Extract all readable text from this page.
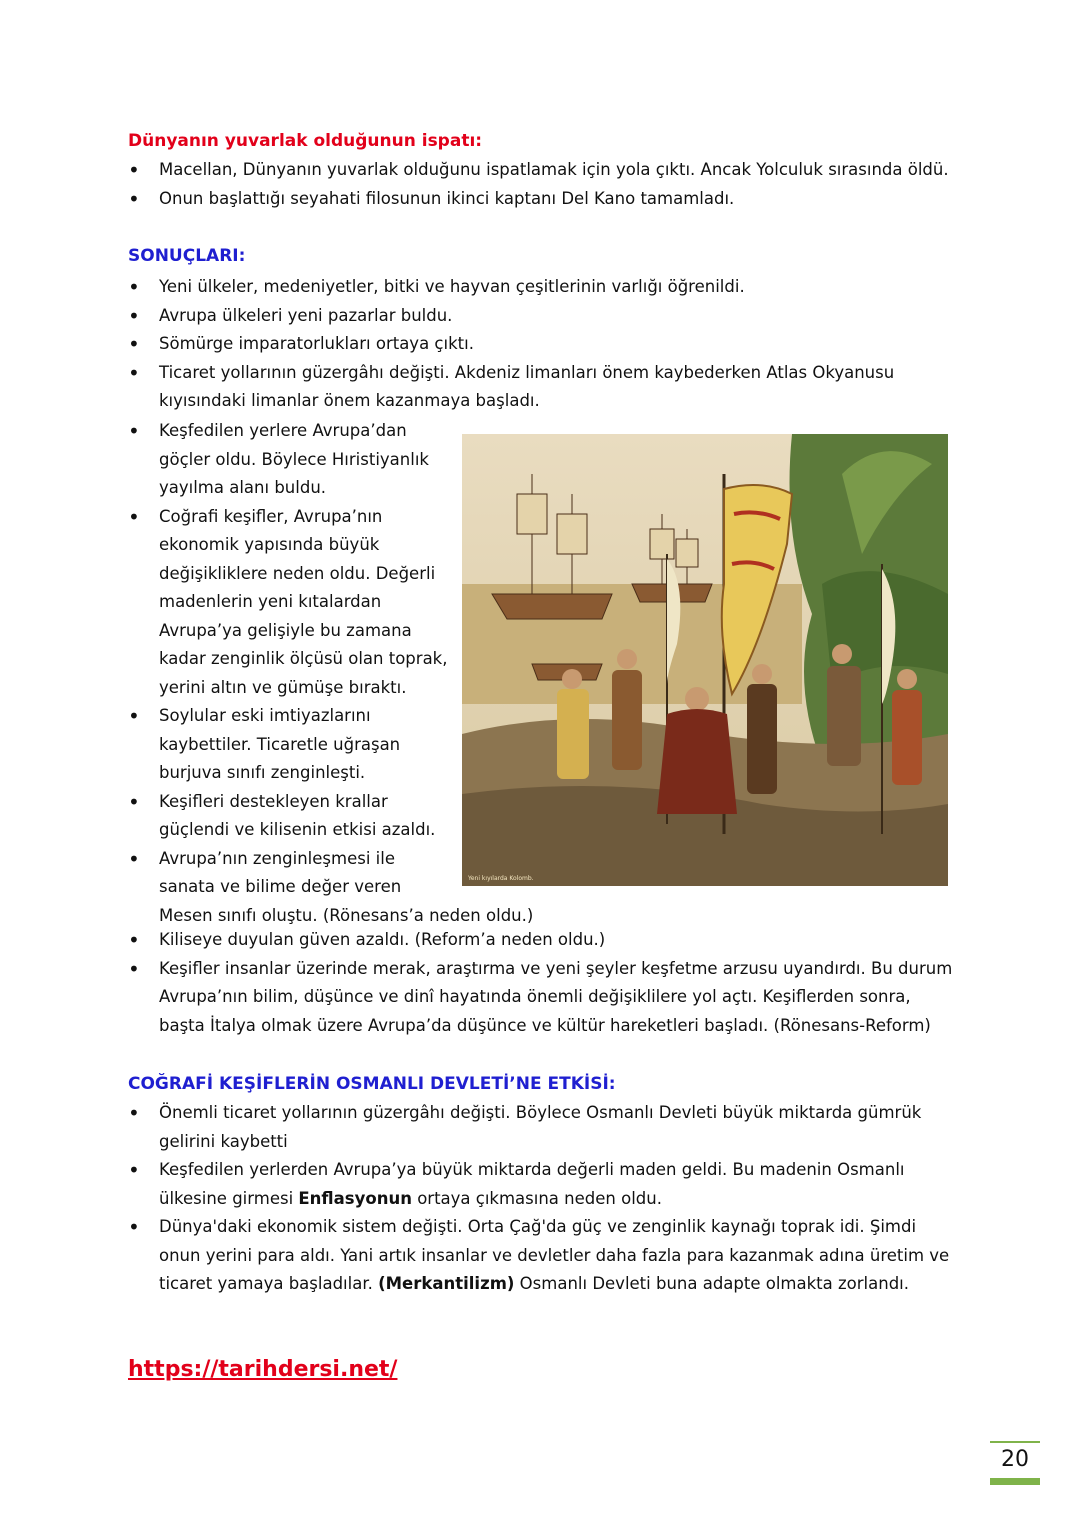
Dünyanın yuvarlak olduğunun ispatı:
• Macellan, Dünyanın yuvarlak olduğunu ispatlamak için yola çıktı. Ancak Yolculuk sırasında öldü.
• Onun başlattığı seyahati filosunun ikinci kaptanı Del Kano tamamladı.
SONUÇLARI:
• Yeni ülkeler, medeniyetler, bitki ve hayvan çeşitlerinin varlığı öğrenildi.
• Avrupa ülkeleri yeni pazarlar buldu.
• Sömürge imparatorlukları ortaya çıktı.
• Ticaret yollarının güzergâhı değişti. Akdeniz limanları önem kaybederken Atlas Okyanusu kıyısındaki limanlar önem kazanmaya başladı.
• Keşfedilen yerlere Avrupa’dan göçler oldu. Böylece Hıristiyanlık yayılma alanı buldu.
• Coğrafi keşifler, Avrupa’nın ekonomik yapısında büyük değişikliklere neden oldu. Değerli madenlerin yeni kıtalardan Avrupa’ya gelişiyle bu zamana kadar zenginlik ölçüsü olan toprak, yerini altın ve gümüşe bıraktı.
• Soylular eski imtiyazlarını kaybettiler. Ticaretle uğraşan burjuva sınıfı zenginleşti.
• Keşifleri destekleyen krallar güçlendi ve kilisenin etkisi azaldı.
• Avrupa’nın zenginleşmesi ile
sanata ve bilime değer veren
Mesen sınıfı oluştu. (Rönesans’a neden oldu.)
• Kiliseye duyulan güven azaldı. (Reform’a neden oldu.)
• Keşifler insanlar üzerinde merak, araştırma ve yeni şeyler keşfetme arzusu uyandırdı. Bu durum Avrupa’nın bilim, düşünce ve dinî hayatında önemli değişiklilere yol açtı. Keşiflerden sonra, başta İtalya olmak üzere Avrupa’da düşünce ve kültür hareketleri başladı. (Rönesans-Reform)
Yeni kıyılarda Kolomb.
COĞRAFİ KEŞİFLERİN OSMANLI DEVLETİ’NE ETKİSİ:
• Önemli ticaret yollarının güzergâhı değişti. Böylece Osmanlı Devleti büyük miktarda gümrük gelirini kaybetti
• Keşfedilen yerlerden Avrupa’ya büyük miktarda değerli maden geldi. Bu madenin Osmanlı ülkesine girmesi Enflasyonun ortaya çıkmasına neden oldu.
• Dünya'daki ekonomik sistem değişti. Orta Çağ'da güç ve zenginlik kaynağı toprak idi. Şimdi onun yerini para aldı. Yani artık insanlar ve devletler daha fazla para kazanmak adına üretim ve ticaret yamaya başladılar. (Merkantilizm) Osmanlı Devleti buna adapte olmakta zorlandı.
https://tarihdersi.net/
20
